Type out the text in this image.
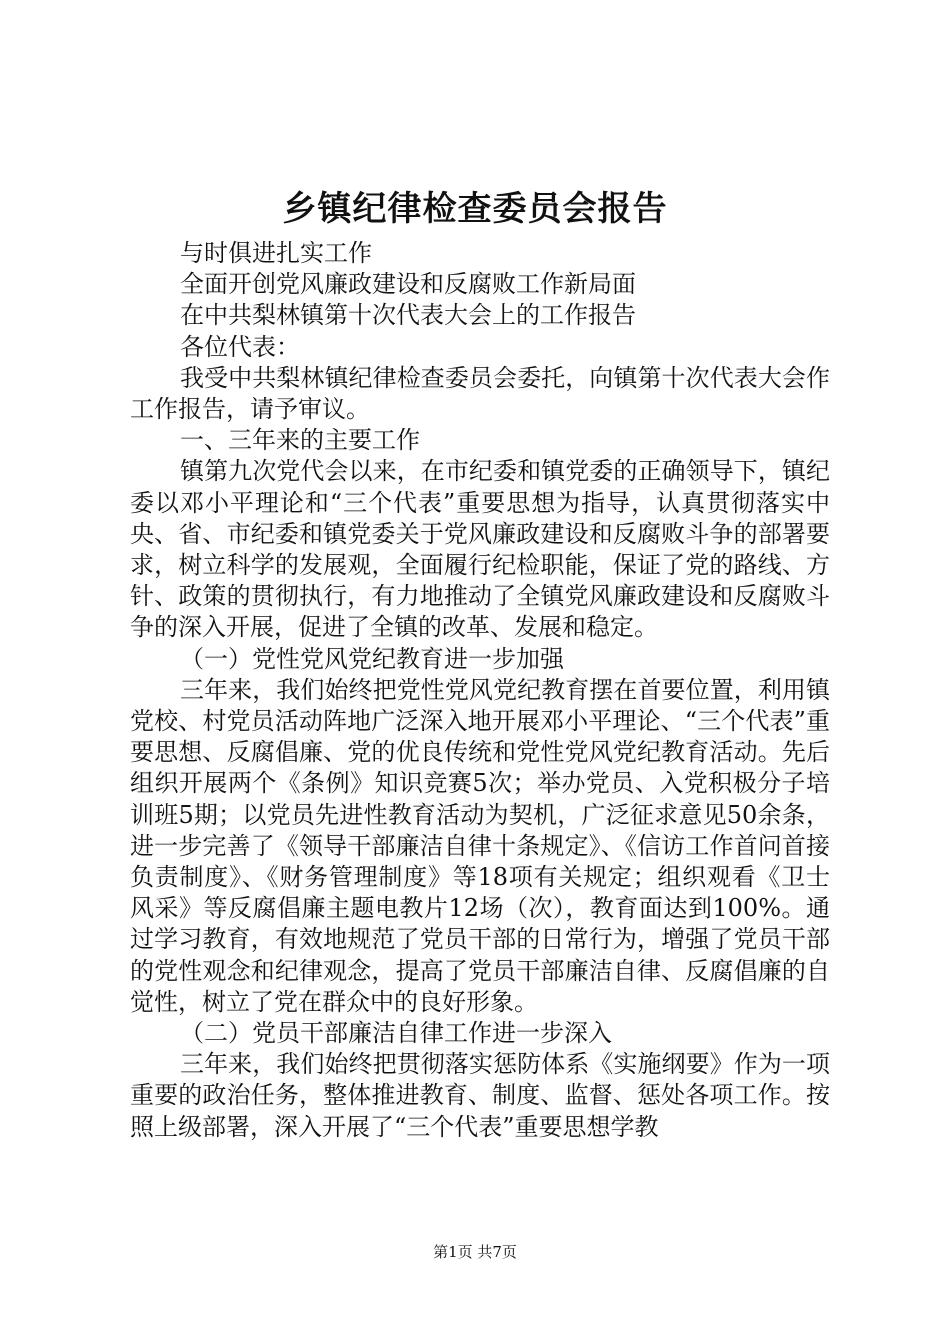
乡镇纪律检查委员会报告

与时俱进扎实工作

全面开创党风廉政建设和反腐败工作新局面

在中共梨林镇第十次代表大会上的工作报告

各位代表：

我受中共梨林镇纪律检查委员会委托，向镇第十次代表大会作工作报告，请予审议。

一、三年来的主要工作

镇第九次党代会以来，在市纪委和镇党委的正确领导下，镇纪委以邓小平理论和“三个代表”重要思想为指导，认真贯彻落实中央、省、市纪委和镇党委关于党风廉政建设和反腐败斗争的部署要求，树立科学的发展观，全面履行纪检职能，保证了党的路线、方针、政策的贯彻执行，有力地推动了全镇党风廉政建设和反腐败斗争的深入开展，促进了全镇的改革、发展和稳定。

（一）党性党风党纪教育进一步加强

三年来，我们始终把党性党风党纪教育摆在首要位置，利用镇党校、村党员活动阵地广泛深入地开展邓小平理论、“三个代表”重要思想、反腐倡廉、党的优良传统和党性党风党纪教育活动。先后组织开展两个《条例》知识竞赛5次；举办党员、入党积极分子培训班5期；以党员先进性教育活动为契机，广泛征求意见50余条，进一步完善了《领导干部廉洁自律十条规定》、《信访工作首问首接负责制度》、《财务管理制度》等18项有关规定；组织观看《卫士风采》等反腐倡廉主题电教片12场（次），教育面达到100%。通过学习教育，有效地规范了党员干部的日常行为，增强了党员干部的党性观念和纪律观念，提高了党员干部廉洁自律、反腐倡廉的自觉性，树立了党在群众中的良好形象。

（二）党员干部廉洁自律工作进一步深入

三年来，我们始终把贯彻落实惩防体系《实施纲要》作为一项重要的政治任务，整体推进教育、制度、监督、惩处各项工作。按照上级部署，深入开展了“三个代表”重要思想学教

第1页 共7页
